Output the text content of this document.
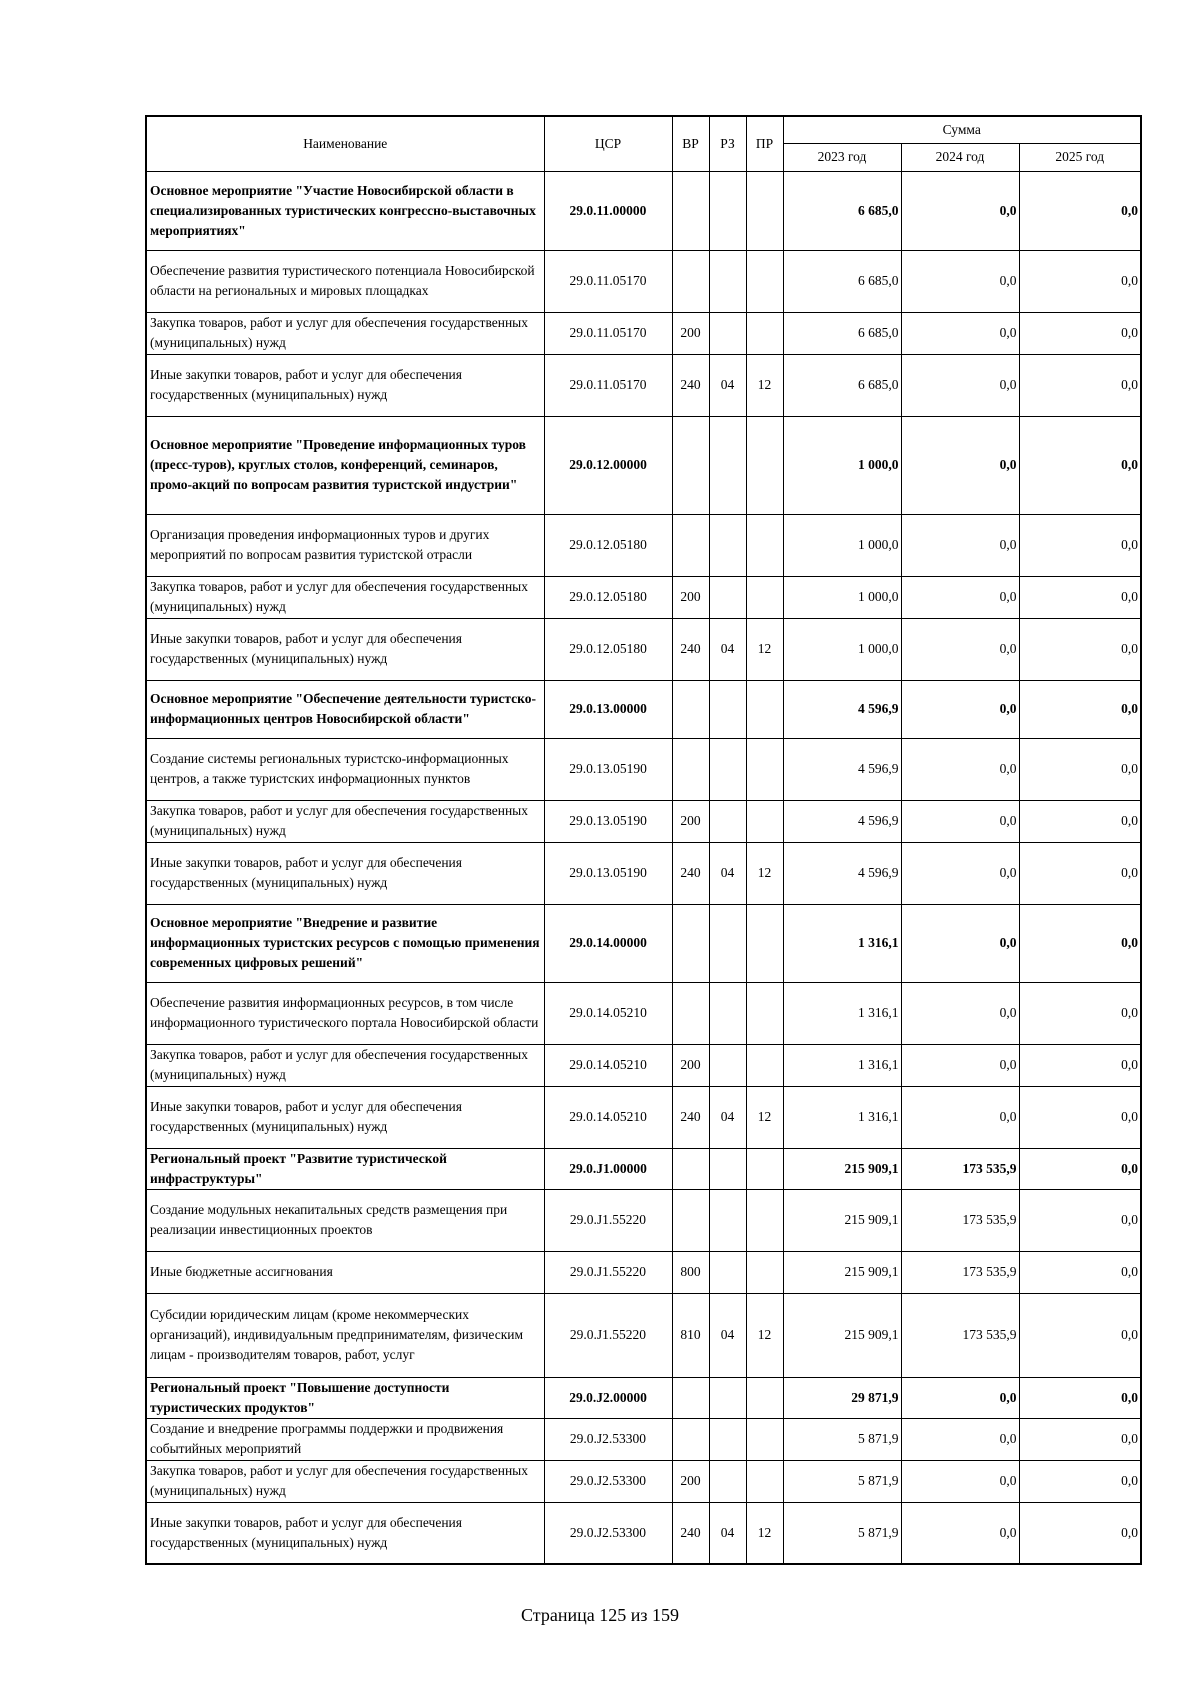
Наименование	ЦСР	ВР	РЗ	ПР	Сумма		
					2023 год	2024 год	2025 год
Основное мероприятие "Участие Новосибирской области в специализированных туристических конгрессно-выставочных мероприятиях"	29.0.11.00000				6 685,0	0,0	0,0
Обеспечение развития туристического потенциала Новосибирской области на региональных и мировых площадках	29.0.11.05170				6 685,0	0,0	0,0
Закупка товаров, работ и услуг для обеспечения государственных (муниципальных) нужд	29.0.11.05170	200			6 685,0	0,0	0,0
Иные закупки товаров, работ и услуг для обеспечения государственных (муниципальных) нужд	29.0.11.05170	240	04	12	6 685,0	0,0	0,0
Основное мероприятие "Проведение информационных туров (пресс-туров), круглых столов, конференций, семинаров, промо-акций по вопросам развития туристской индустрии"	29.0.12.00000				1 000,0	0,0	0,0
Организация проведения информационных туров и других мероприятий по вопросам развития туристской отрасли	29.0.12.05180				1 000,0	0,0	0,0
Закупка товаров, работ и услуг для обеспечения государственных (муниципальных) нужд	29.0.12.05180	200			1 000,0	0,0	0,0
Иные закупки товаров, работ и услуг для обеспечения государственных (муниципальных) нужд	29.0.12.05180	240	04	12	1 000,0	0,0	0,0
Основное мероприятие "Обеспечение деятельности туристско-информационных центров Новосибирской области"	29.0.13.00000				4 596,9	0,0	0,0
Создание системы региональных туристско-информационных центров, а также туристских информационных пунктов	29.0.13.05190				4 596,9	0,0	0,0
Закупка товаров, работ и услуг для обеспечения государственных (муниципальных) нужд	29.0.13.05190	200			4 596,9	0,0	0,0
Иные закупки товаров, работ и услуг для обеспечения государственных (муниципальных) нужд	29.0.13.05190	240	04	12	4 596,9	0,0	0,0
Основное мероприятие "Внедрение и развитие информационных туристских ресурсов с помощью применения современных цифровых решений"	29.0.14.00000				1 316,1	0,0	0,0
Обеспечение развития информационных ресурсов, в том числе информационного туристического портала Новосибирской области	29.0.14.05210				1 316,1	0,0	0,0
Закупка товаров, работ и услуг для обеспечения государственных (муниципальных) нужд	29.0.14.05210	200			1 316,1	0,0	0,0
Иные закупки товаров, работ и услуг для обеспечения государственных (муниципальных) нужд	29.0.14.05210	240	04	12	1 316,1	0,0	0,0
Региональный проект "Развитие туристической инфраструктуры"	29.0.J1.00000				215 909,1	173 535,9	0,0
Создание модульных некапитальных средств размещения при реализации инвестиционных проектов	29.0.J1.55220				215 909,1	173 535,9	0,0
Иные бюджетные ассигнования	29.0.J1.55220	800			215 909,1	173 535,9	0,0
Субсидии юридическим лицам (кроме некоммерческих организаций), индивидуальным предпринимателям, физическим лицам - производителям товаров, работ, услуг	29.0.J1.55220	810	04	12	215 909,1	173 535,9	0,0
Региональный проект "Повышение доступности туристических продуктов"	29.0.J2.00000				29 871,9	0,0	0,0
Создание и внедрение программы поддержки и продвижения событийных мероприятий	29.0.J2.53300				5 871,9	0,0	0,0
Закупка товаров, работ и услуг для обеспечения государственных (муниципальных) нужд	29.0.J2.53300	200			5 871,9	0,0	0,0
Иные закупки товаров, работ и услуг для обеспечения государственных (муниципальных) нужд	29.0.J2.53300	240	04	12	5 871,9	0,0	0,0
Страница 125 из 159
